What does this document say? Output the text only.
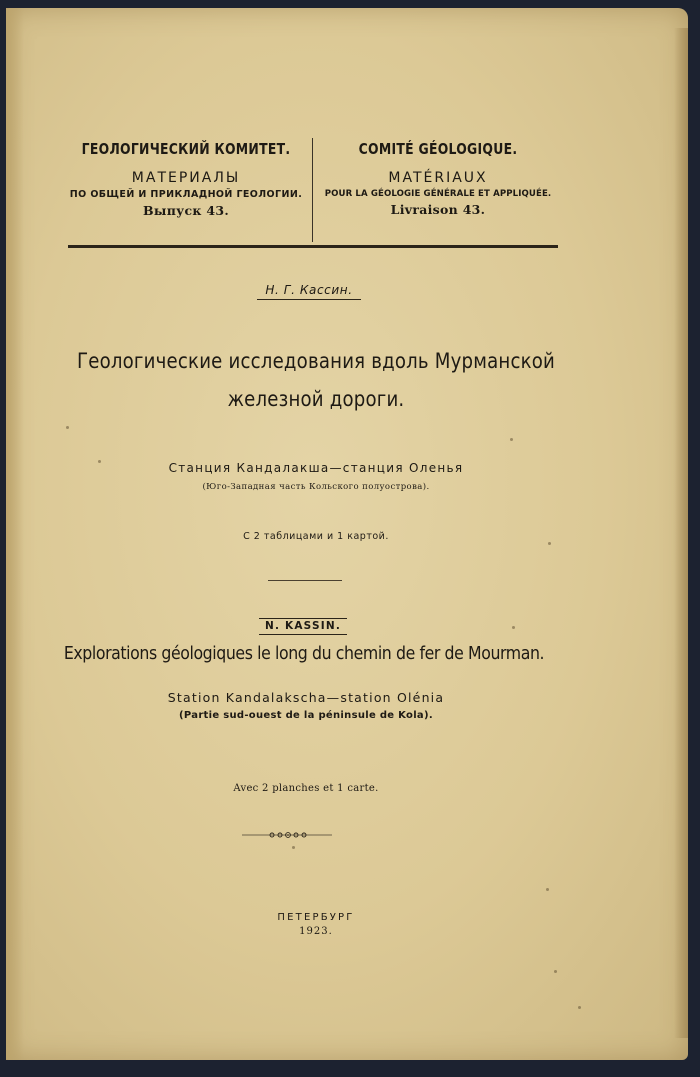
ГЕОЛОГИЧЕСКИЙ КОМИТЕТ.
МАТЕРИАЛЫ
ПО ОБЩЕЙ И ПРИКЛАДНОЙ ГЕОЛОГИИ.
Выпуск 43.
COMITÉ GÉOLOGIQUE.
MATÉRIAUX
POUR LA GÉOLOGIE GÉNÉRALE ET APPLIQUÉE.
Livraison 43.
Н. Г. Кассин.
Геологические исследования вдоль Мурманской
железной дороги.
Станция Кандалакша—станция Оленья
(Юго-Западная часть Кольского полуострова).
С 2 таблицами и 1 картой.
N. KASSIN.
Explorations géologiques le long du chemin de fer de Mourman.
Station Kandalakscha—station Olénia
(Partie sud-ouest de la péninsule de Kola).
Avec 2 planches et 1 carte.
ПЕТЕРБУРГ
1923.
